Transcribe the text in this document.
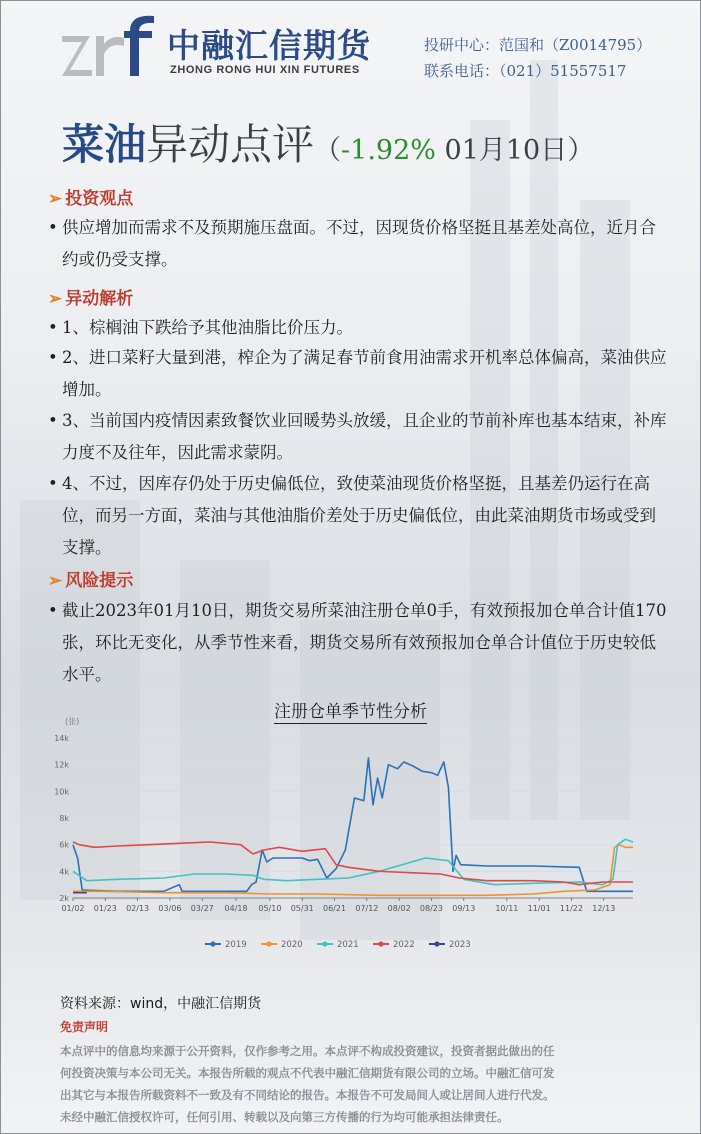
中融汇信期货
ZHONG RONG HUI XIN FUTURES
投研中心：范国和（Z0014795）
联系电话：（021）51557517
菜油异动点评（-1.92% 01月10日）
➢ 投资观点
• 供应增加而需求不及预期施压盘面。不过，因现货价格坚挺且基差处高位，近月合约或仍受支撑。
➢ 异动解析
• 1、棕榈油下跌给予其他油脂比价压力。
• 2、进口菜籽大量到港，榨企为了满足春节前食用油需求开机率总体偏高，菜油供应增加。
• 3、当前国内疫情因素致餐饮业回暖势头放缓，且企业的节前补库也基本结束，补库力度不及往年，因此需求蒙阴。
• 4、不过，因库存仍处于历史偏低位，致使菜油现货价格坚挺，且基差仍运行在高位，而另一方面，菜油与其他油脂价差处于历史偏低位，由此菜油期货市场或受到支撑。
➢ 风险提示
• 截止2023年01月10日，期货交易所菜油注册仓单0手，有效预报加仓单合计值170张，环比无变化，从季节性来看，期货交易所有效预报加仓单合计值位于历史较低水平。
注册仓单季节性分析
(张)
2k
4k
6k
8k
10k
12k
14k
01/02 01/23 02/13 03/06 03/27 04/18 05/10 05/31 06/21 07/12 08/02 08/23 09/13	10/11 11/01 11/22 12/13
2019	2020	2021	2022	2023
资料来源：wind，中融汇信期货
免责声明
本点评中的信息均来源于公开资料，仅作参考之用。本点评不构成投资建议，投资者据此做出的任
何投资决策与本公司无关。本报告所载的观点不代表中融汇信期货有限公司的立场。中融汇信可发
出其它与本报告所载资料不一致及有不同结论的报告。本报告不可发局间人或让居间人进行代发。
未经中融汇信授权许可，任何引用、转载以及向第三方传播的行为均可能承担法律责任。
